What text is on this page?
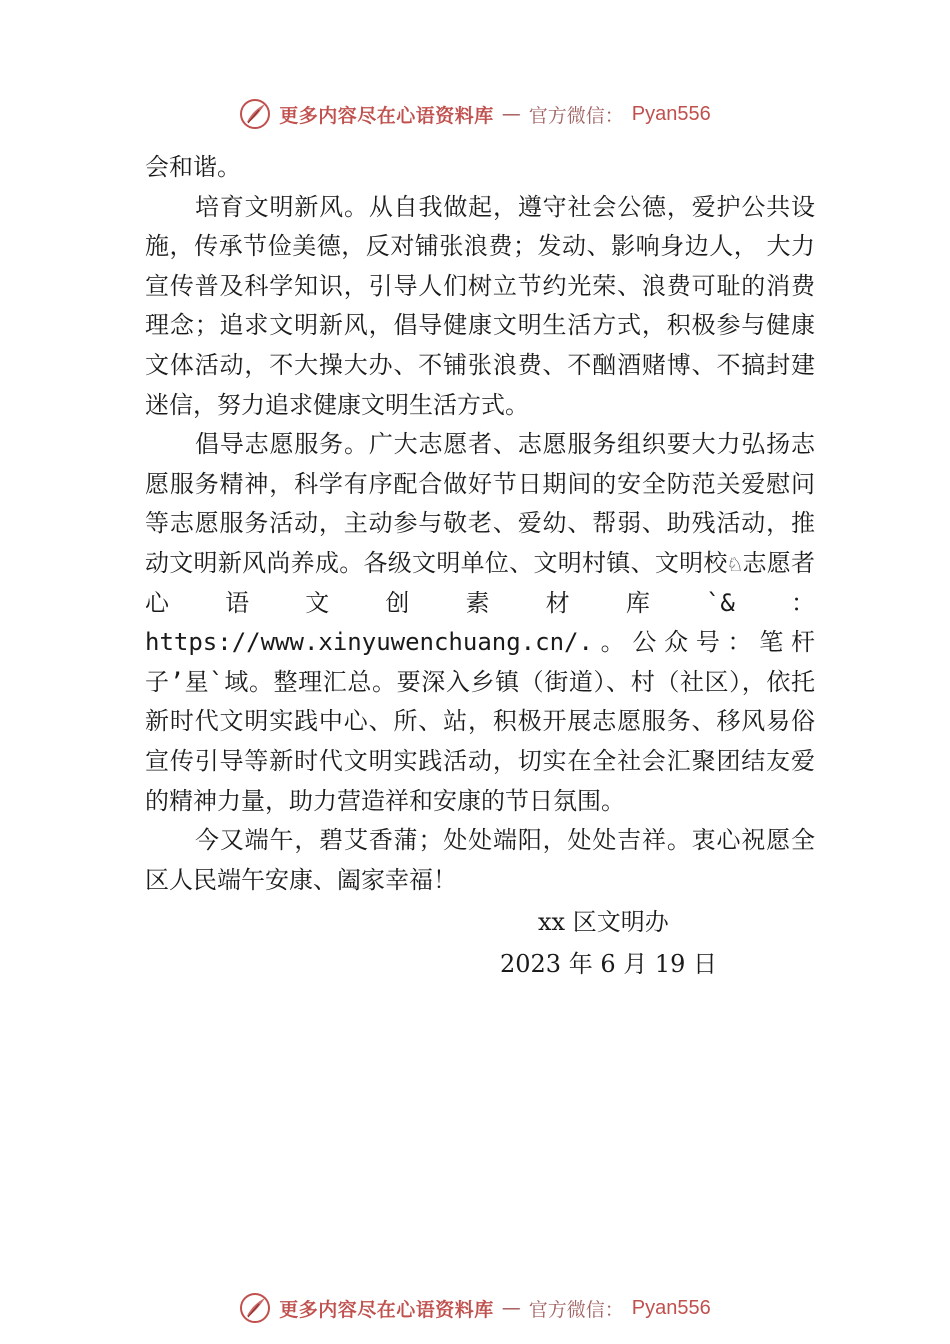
更多内容尽在心语资料库 — 官方微信： Pyan556

会和谐。

培育文明新风。从自我做起，遵守社会公德，爱护公共设施，传承节俭美德，反对铺张浪费；发动、影响身边人， 大力宣传普及科学知识，引导人们树立节约光荣、浪费可耻的消费理念；追求文明新风，倡导健康文明生活方式，积极参与健康文体活动，不大操大办、不铺张浪费、不酗酒赌博、不搞封建迷信，努力追求健康文明生活方式。

倡导志愿服务。广大志愿者、志愿服务组织要大力弘扬志愿服务精神，科学有序配合做好节日期间的安全防范关爱慰问等志愿服务活动，主动参与敬老、爱幼、帮弱、助残活动，推动文明新风尚养成。各级文明单位、文明村镇、文明校♘志愿者心语文创素材库`&：https://www.xinyuwenchuang.cn/.。公众号：笔杆子’星`域。整理汇总。要深入乡镇（街道）、村（社区），依托新时代文明实践中心、所、站，积极开展志愿服务、移风易俗宣传引导等新时代文明实践活动，切实在全社会汇聚团结友爱的精神力量，助力营造祥和安康的节日氛围。

今又端午，碧艾香蒲；处处端阳，处处吉祥。衷心祝愿全区人民端午安康、阖家幸福！

xx 区文明办
2023 年 6 月 19 日
更多内容尽在心语资料库 — 官方微信： Pyan556
